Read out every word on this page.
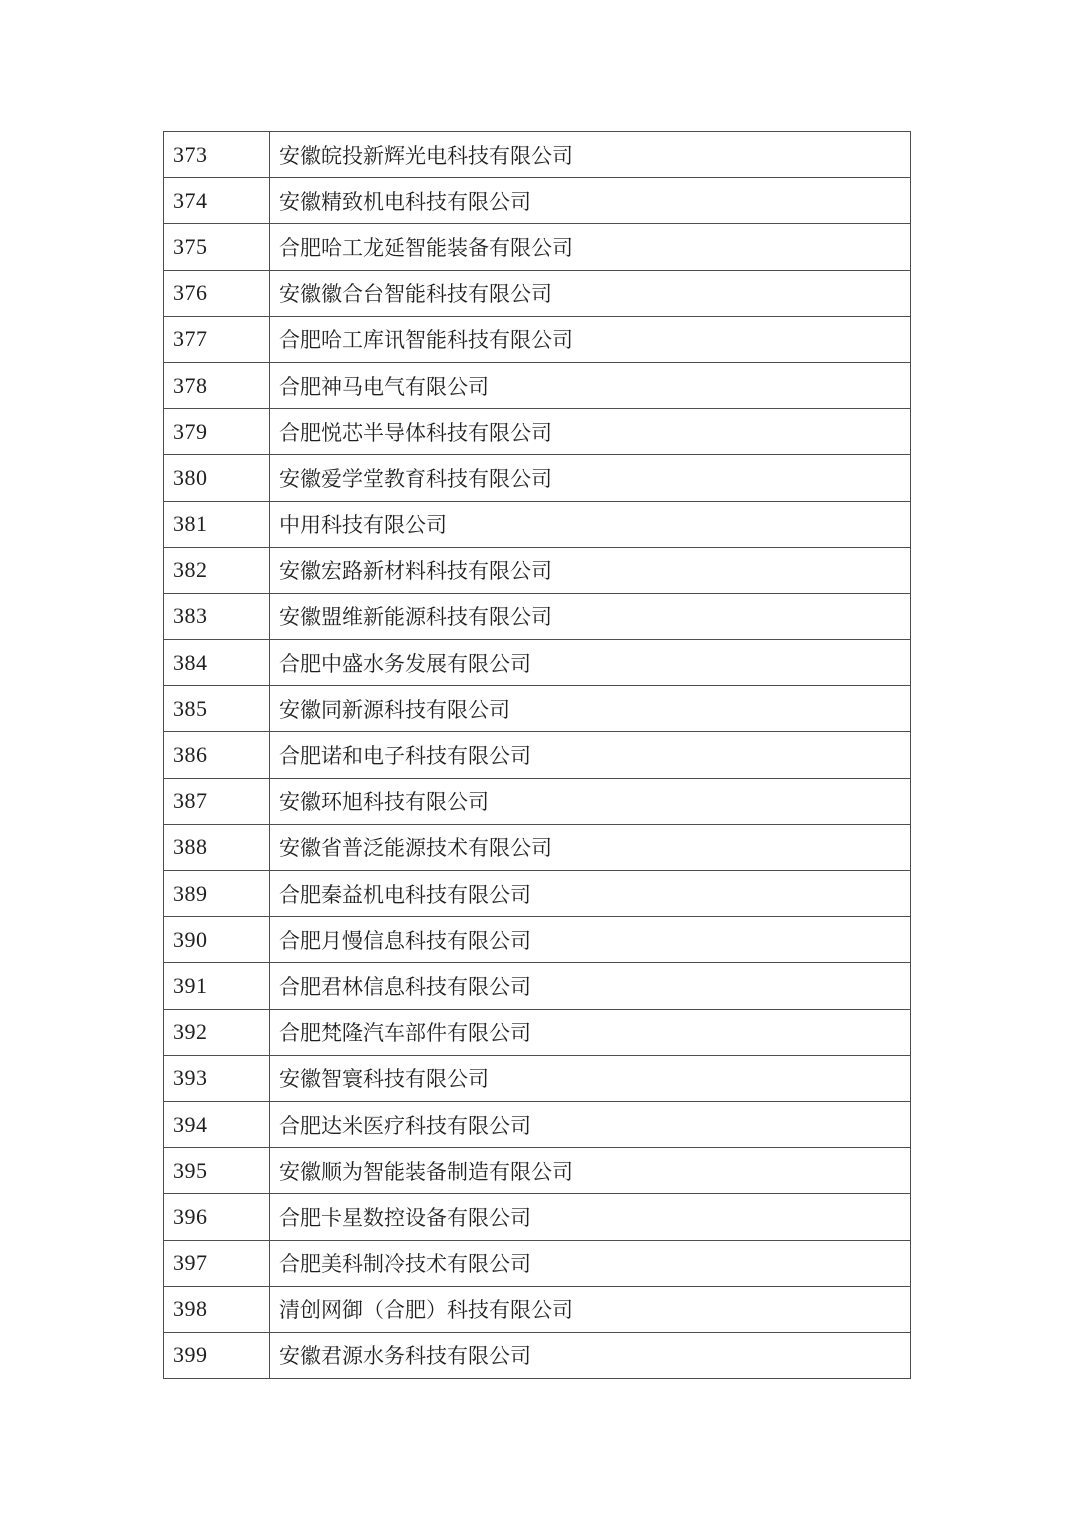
373	安徽皖投新辉光电科技有限公司
374	安徽精致机电科技有限公司
375	合肥哈工龙延智能装备有限公司
376	安徽徽合台智能科技有限公司
377	合肥哈工库讯智能科技有限公司
378	合肥神马电气有限公司
379	合肥悦芯半导体科技有限公司
380	安徽爱学堂教育科技有限公司
381	中用科技有限公司
382	安徽宏路新材料科技有限公司
383	安徽盟维新能源科技有限公司
384	合肥中盛水务发展有限公司
385	安徽同新源科技有限公司
386	合肥诺和电子科技有限公司
387	安徽环旭科技有限公司
388	安徽省普泛能源技术有限公司
389	合肥秦益机电科技有限公司
390	合肥月慢信息科技有限公司
391	合肥君林信息科技有限公司
392	合肥梵隆汽车部件有限公司
393	安徽智寰科技有限公司
394	合肥达米医疗科技有限公司
395	安徽顺为智能装备制造有限公司
396	合肥卡星数控设备有限公司
397	合肥美科制冷技术有限公司
398	清创网御（合肥）科技有限公司
399	安徽君源水务科技有限公司
